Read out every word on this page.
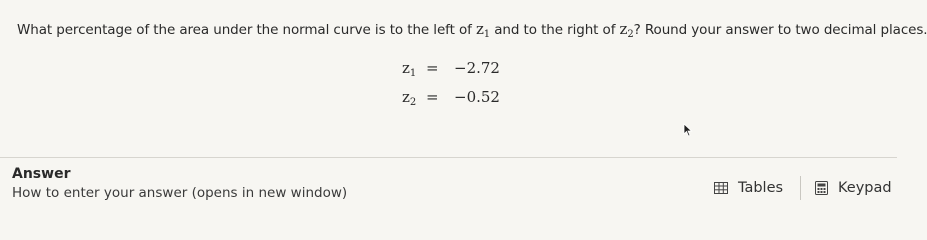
What percentage of the area under the normal curve is to the left of $z_1$ and to the right of $z_2$? Round your answer to two decimal places.
$z_1$ =	−2.72
$z_2$ =	−0.52
Answer
How to enter your answer (opens in new window)	Tables	Keypad
